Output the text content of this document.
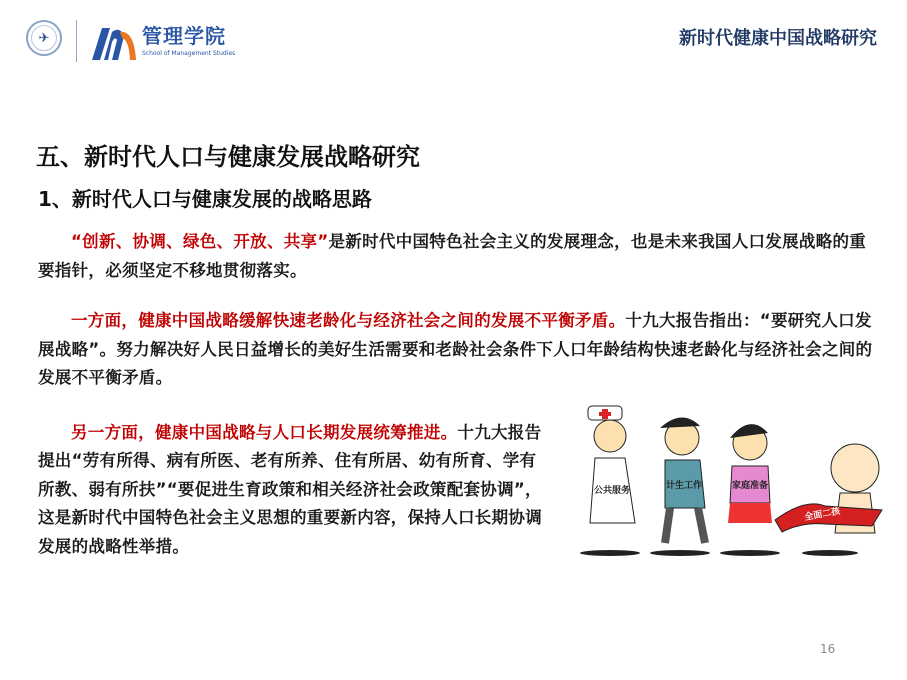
✈	管理学院
School of Management Studies
新时代健康中国战略研究
五、新时代人口与健康发展战略研究
1、新时代人口与健康发展的战略思路
“创新、协调、绿色、开放、共享”是新时代中国特色社会主义的发展理念，也是未来我国人口发展战略的重要指针，必须坚定不移地贯彻落实。
一方面，健康中国战略缓解快速老龄化与经济社会之间的发展不平衡矛盾。十九大报告指出：“要研究人口发展战略”。努力解决好人民日益增长的美好生活需要和老龄社会条件下人口年龄结构快速老龄化与经济社会之间的发展不平衡矛盾。
另一方面，健康中国战略与人口长期发展统筹推进。十九大报告提出“劳有所得、病有所医、老有所养、住有所居、幼有所育、学有所教、弱有所扶”“要促进生育政策和相关经济社会政策配套协调”，这是新时代中国特色社会主义思想的重要新内容，保持人口长期协调发展的战略性举措。
公共服务	计生工作	家庭准备
全面二孩
16
